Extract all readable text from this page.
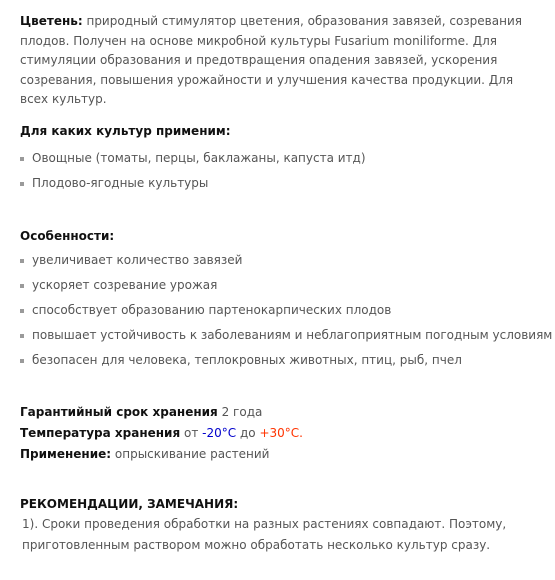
Цветень: природный стимулятор цветения, образования завязей, созревания плодов. Получен на основе микробной культуры Fusarium moniliforme. Для стимуляции образования и предотвращения опадения завязей, ускорения созревания, повышения урожайности и улучшения качества продукции. Для всех культур.
Для каких культур применим:
Овощные (томаты, перцы, баклажаны, капуста итд)
Плодово-ягодные культуры
Особенности:
увеличивает количество завязей
ускоряет созревание урожая
способствует образованию партенокарпических плодов
повышает устойчивость к заболеваниям и неблагоприятным погодным условиям
безопасен для человека, теплокровных животных, птиц, рыб, пчел
Гарантийный срок хранения 2 года
Температура хранения от -20°C до +30°C.
Применение: опрыскивание растений
РЕКОМЕНДАЦИИ, ЗАМЕЧАНИЯ:
1). Сроки проведения обработки на разных растениях совпадают. Поэтому, приготовленным раствором можно обработать несколько культур сразу.
